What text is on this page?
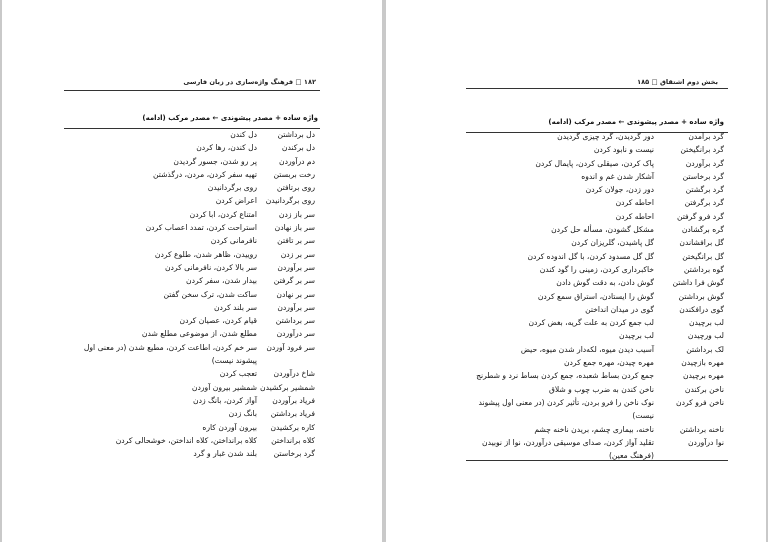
۱۸۲ □ فرهنگ واژه‌سازی در زبان فارسی
واژه ساده + مصدر پیشوندی ← مصدر مرکب (ادامه)
دل برداشتن
دل کندن
دل برکندن
دل کندن، رها کردن
دم درآوردن
پر رو شدن، جسور گردیدن
رخت بربستن
تهیه سفر کردن، مردن، درگذشتن
روی برتافتن
روی برگردانیدن
روی برگردانیدن
اعراض کردن
سر باز زدن
امتناع کردن، ابا کردن
سر باز نهادن
استراحت کردن، تمدد اعصاب کردن
سر بر تافتن
نافرمانی کردن
سر بر زدن
روییدن، ظاهر شدن، طلوع کردن
سر برآوردن
سر بالا کردن، نافرمانی کردن
سر بر گرفتن
بیدار شدن، سفر کردن
سر بر نهادن
ساکت شدن، ترک سخن گفتن
سر برآوردن
سر بلند کردن
سر برداشتن
قیام کردن، عصیان کردن
سر درآوردن
مطلع شدن، از موضوعی مطلع شدن
سر فرود آوردن
سر خم کردن، اطاعت کردن، مطیع شدن (در معنی اول
پیشوند نیست)
شاخ درآوردن
تعجب کردن
شمشیر برکشیدن
شمشیر بیرون آوردن
فریاد برآوردن
آواز کردن، بانگ زدن
فریاد برداشتن
بانگ زدن
کاره برکشیدن
بیرون آوردن کاره
کلاه برانداختن
کلاه برانداختن، کلاه انداختن، خوشحالی کردن
گرد برخاستن
بلند شدن غبار و گرد
بخش دوم اشتقاق □ ۱۸۵
واژه ساده + مصدر پیشوندی ← مصدر مرکب (ادامه)
گرد برآمدن
دور گردیدن، گرد چیزی گردیدن
گرد برانگیختن
نیست و نابود کردن
گرد برآوردن
پاک کردن، صیقلی کردن، پایمال کردن
گرد برخاستن
آشکار شدن غم و اندوه
گرد برگشتن
دور زدن، جولان کردن
گرد برگرفتن
احاطه کردن
گرد فرو گرفتن
احاطه کردن
گره برگشادن
مشکل گشودن، مسأله حل کردن
گل برافشاندن
گل پاشیدن، گلریزان کردن
گل برانگیختن
گل گل مسدود کردن، با گل اندوده کردن
گوه برداشتن
خاکبرداری کردن، زمینی را گود کندن
گوش فرا داشتن
گوش دادن، به دقت گوش دادن
گوش برداشتن
گوش را ایستادن، استراق سمع کردن
گوی درافکندن
گوی در میدان انداختن
لب برچیدن
لب جمع کردن به علت گریه، بغض کردن
لب ورچیدن
لب برچیدن
لک برداشتن
آسیب دیدن میوه، لکه‌دار شدن میوه، حیض
مهره بازچیدن
مهره چیدن، مهره جمع کردن
مهره برچیدن
جمع کردن بساط شعبده، جمع کردن بساط نرد و شطرنج
ناخن برکندن
ناخن کندن به ضرب چوب و شلاق
ناخن فرو کردن
نوک ناخن را فرو بردن، تأثیر کردن (در معنی اول پیشوند
نیست)
ناخنه برداشتن
ناخنه، بیماری چشم، بریدن ناخنه چشم
نوا درآوردن
تقلید آواز کردن، صدای موسیقی درآوردن، نوا از نوبیدن
(فرهنگ معین)
